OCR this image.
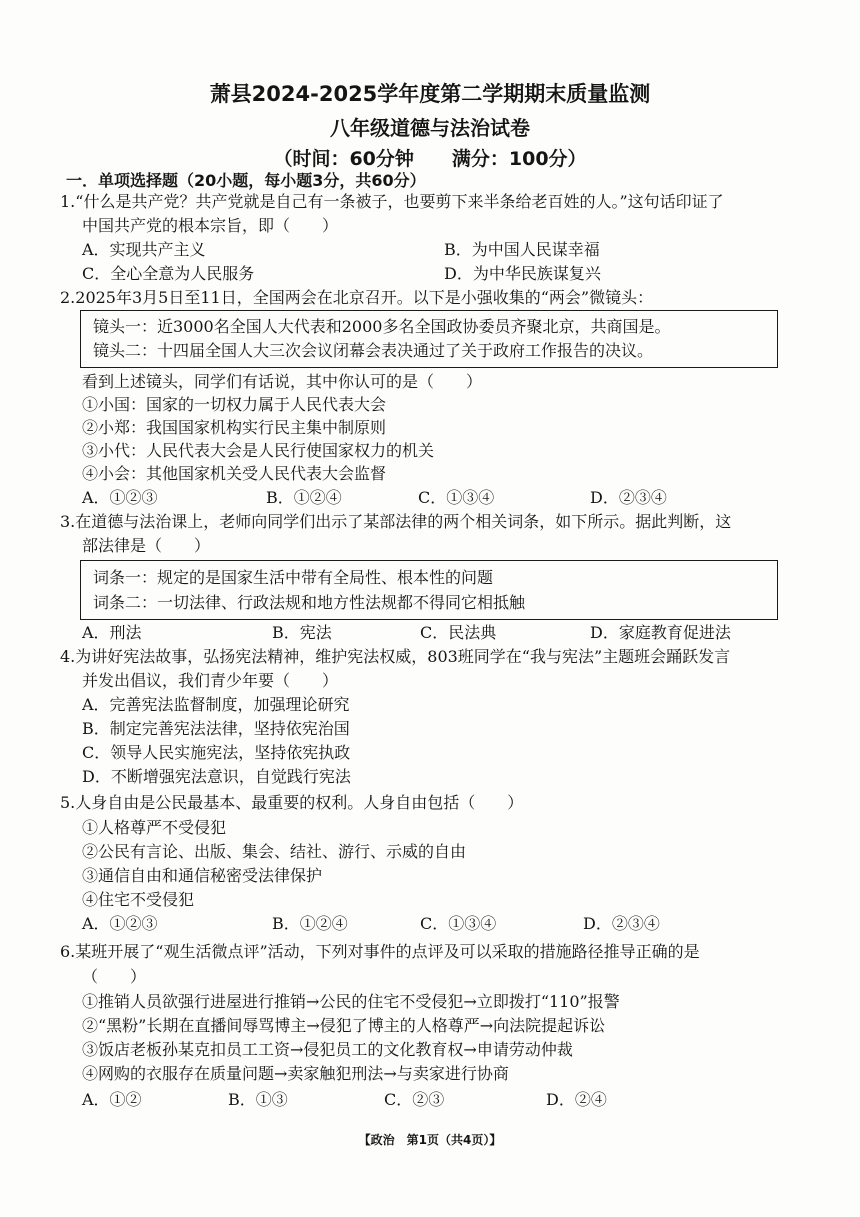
萧县2024-2025学年度第二学期期末质量监测
八年级道德与法治试卷
（时间：60分钟　　满分：100分）
一．单项选择题（20小题，每小题3分，共60分）
1.“什么是共产党？共产党就是自己有一条被子，也要剪下来半条给老百姓的人。”这句话印证了
中国共产党的根本宗旨，即（　　）
A．实现共产主义	B．为中国人民谋幸福
C．全心全意为人民服务	D．为中华民族谋复兴
2.2025年3月5日至11日，全国两会在北京召开。以下是小强收集的“两会”微镜头：
镜头一：近3000名全国人大代表和2000多名全国政协委员齐聚北京，共商国是。
镜头二：十四届全国人大三次会议闭幕会表决通过了关于政府工作报告的决议。
看到上述镜头，同学们有话说，其中你认可的是（　　）
①小国：国家的一切权力属于人民代表大会
②小郑：我国国家机构实行民主集中制原则
③小代：人民代表大会是人民行使国家权力的机关
④小会：其他国家机关受人民代表大会监督
A．①②③	B．①②④	C．①③④	D．②③④
3.在道德与法治课上，老师向同学们出示了某部法律的两个相关词条，如下所示。据此判断，这
部法律是（　　）
词条一：规定的是国家生活中带有全局性、根本性的问题
词条二：一切法律、行政法规和地方性法规都不得同它相抵触
A．刑法	B．宪法	C．民法典	D．家庭教育促进法
4.为讲好宪法故事，弘扬宪法精神，维护宪法权威，803班同学在“我与宪法”主题班会踊跃发言
并发出倡议，我们青少年要（　　）
A．完善宪法监督制度，加强理论研究
B．制定完善宪法法律，坚持依宪治国
C．领导人民实施宪法，坚持依宪执政
D．不断增强宪法意识，自觉践行宪法
5.人身自由是公民最基本、最重要的权利。人身自由包括（　　）
①人格尊严不受侵犯
②公民有言论、出版、集会、结社、游行、示威的自由
③通信自由和通信秘密受法律保护
④住宅不受侵犯
A．①②③	B．①②④	C．①③④	D．②③④
6.某班开展了“观生活微点评”活动，下列对事件的点评及可以采取的措施路径推导正确的是
（　　）
①推销人员欲强行进屋进行推销→公民的住宅不受侵犯→立即拨打“110”报警
②“黑粉”长期在直播间辱骂博主→侵犯了博主的人格尊严→向法院提起诉讼
③饭店老板孙某克扣员工工资→侵犯员工的文化教育权→申请劳动仲裁
④网购的衣服存在质量问题→卖家触犯刑法→与卖家进行协商
A．①②	B．①③	C．②③	D．②④
【政治　第1页（共4页）】
